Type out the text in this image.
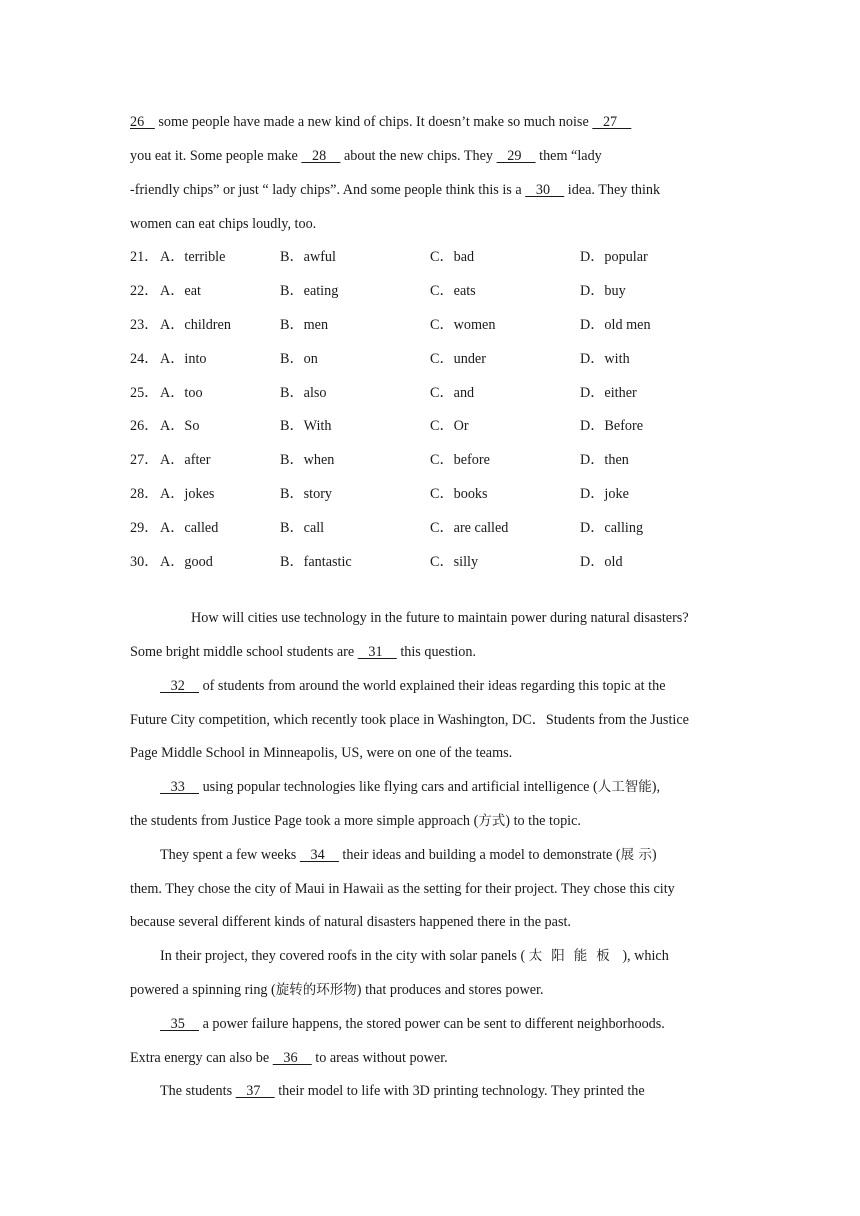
26    some people have made a new kind of chips. It doesn’t make so much noise    27
you eat it. Some people make    28     about the new chips. They    29     them “lady
-friendly chips” or just “ lady chips”. And some people think this is a    30     idea. They think
women can eat chips loudly, too.
21． A．terrible	B．awful	C．bad	D．popular
22． A．eat	B．eating	C．eats	D．buy
23． A．children	B．men	C．women	D．old men
24． A．into	B．on	C．under	D．with
25． A．too	B．also	C．and	D．either
26． A．So	B．With	C．Or	D．Before
27． A．after	B．when	C．before	D．then
28． A．jokes	B．story	C．books	D．joke
29． A．called	B．call	C．are called	D．calling
30． A．good	B．fantastic	C．silly	D．old
How will cities use technology in the future to maintain power during natural disasters?
Some bright middle school students are    31     this question.
32     of students from around the world explained their ideas regarding this topic at the
Future City competition, which recently took place in Washington, DC．Students from the Justice
Page Middle School in Minneapolis, US, were on one of the teams.
33     using popular technologies like flying cars and artificial intelligence (人工智能),
the students from Justice Page took a more simple approach (方式) to the topic.
They spent a few weeks    34     their ideas and building a model to demonstrate (展 示)
them. They chose the city of Maui in Hawaii as the setting for their project. They chose this city
because several different kinds of natural disasters happened there in the past.
In their project, they covered roofs in the city with solar panels ( 太阳能板 ), which
powered a spinning ring (旋转的环形物) that produces and stores power.
35     a power failure happens, the stored power can be sent to different neighborhoods.
Extra energy can also be    36     to areas without power.
The students    37     their model to life with 3D printing technology. They printed the
